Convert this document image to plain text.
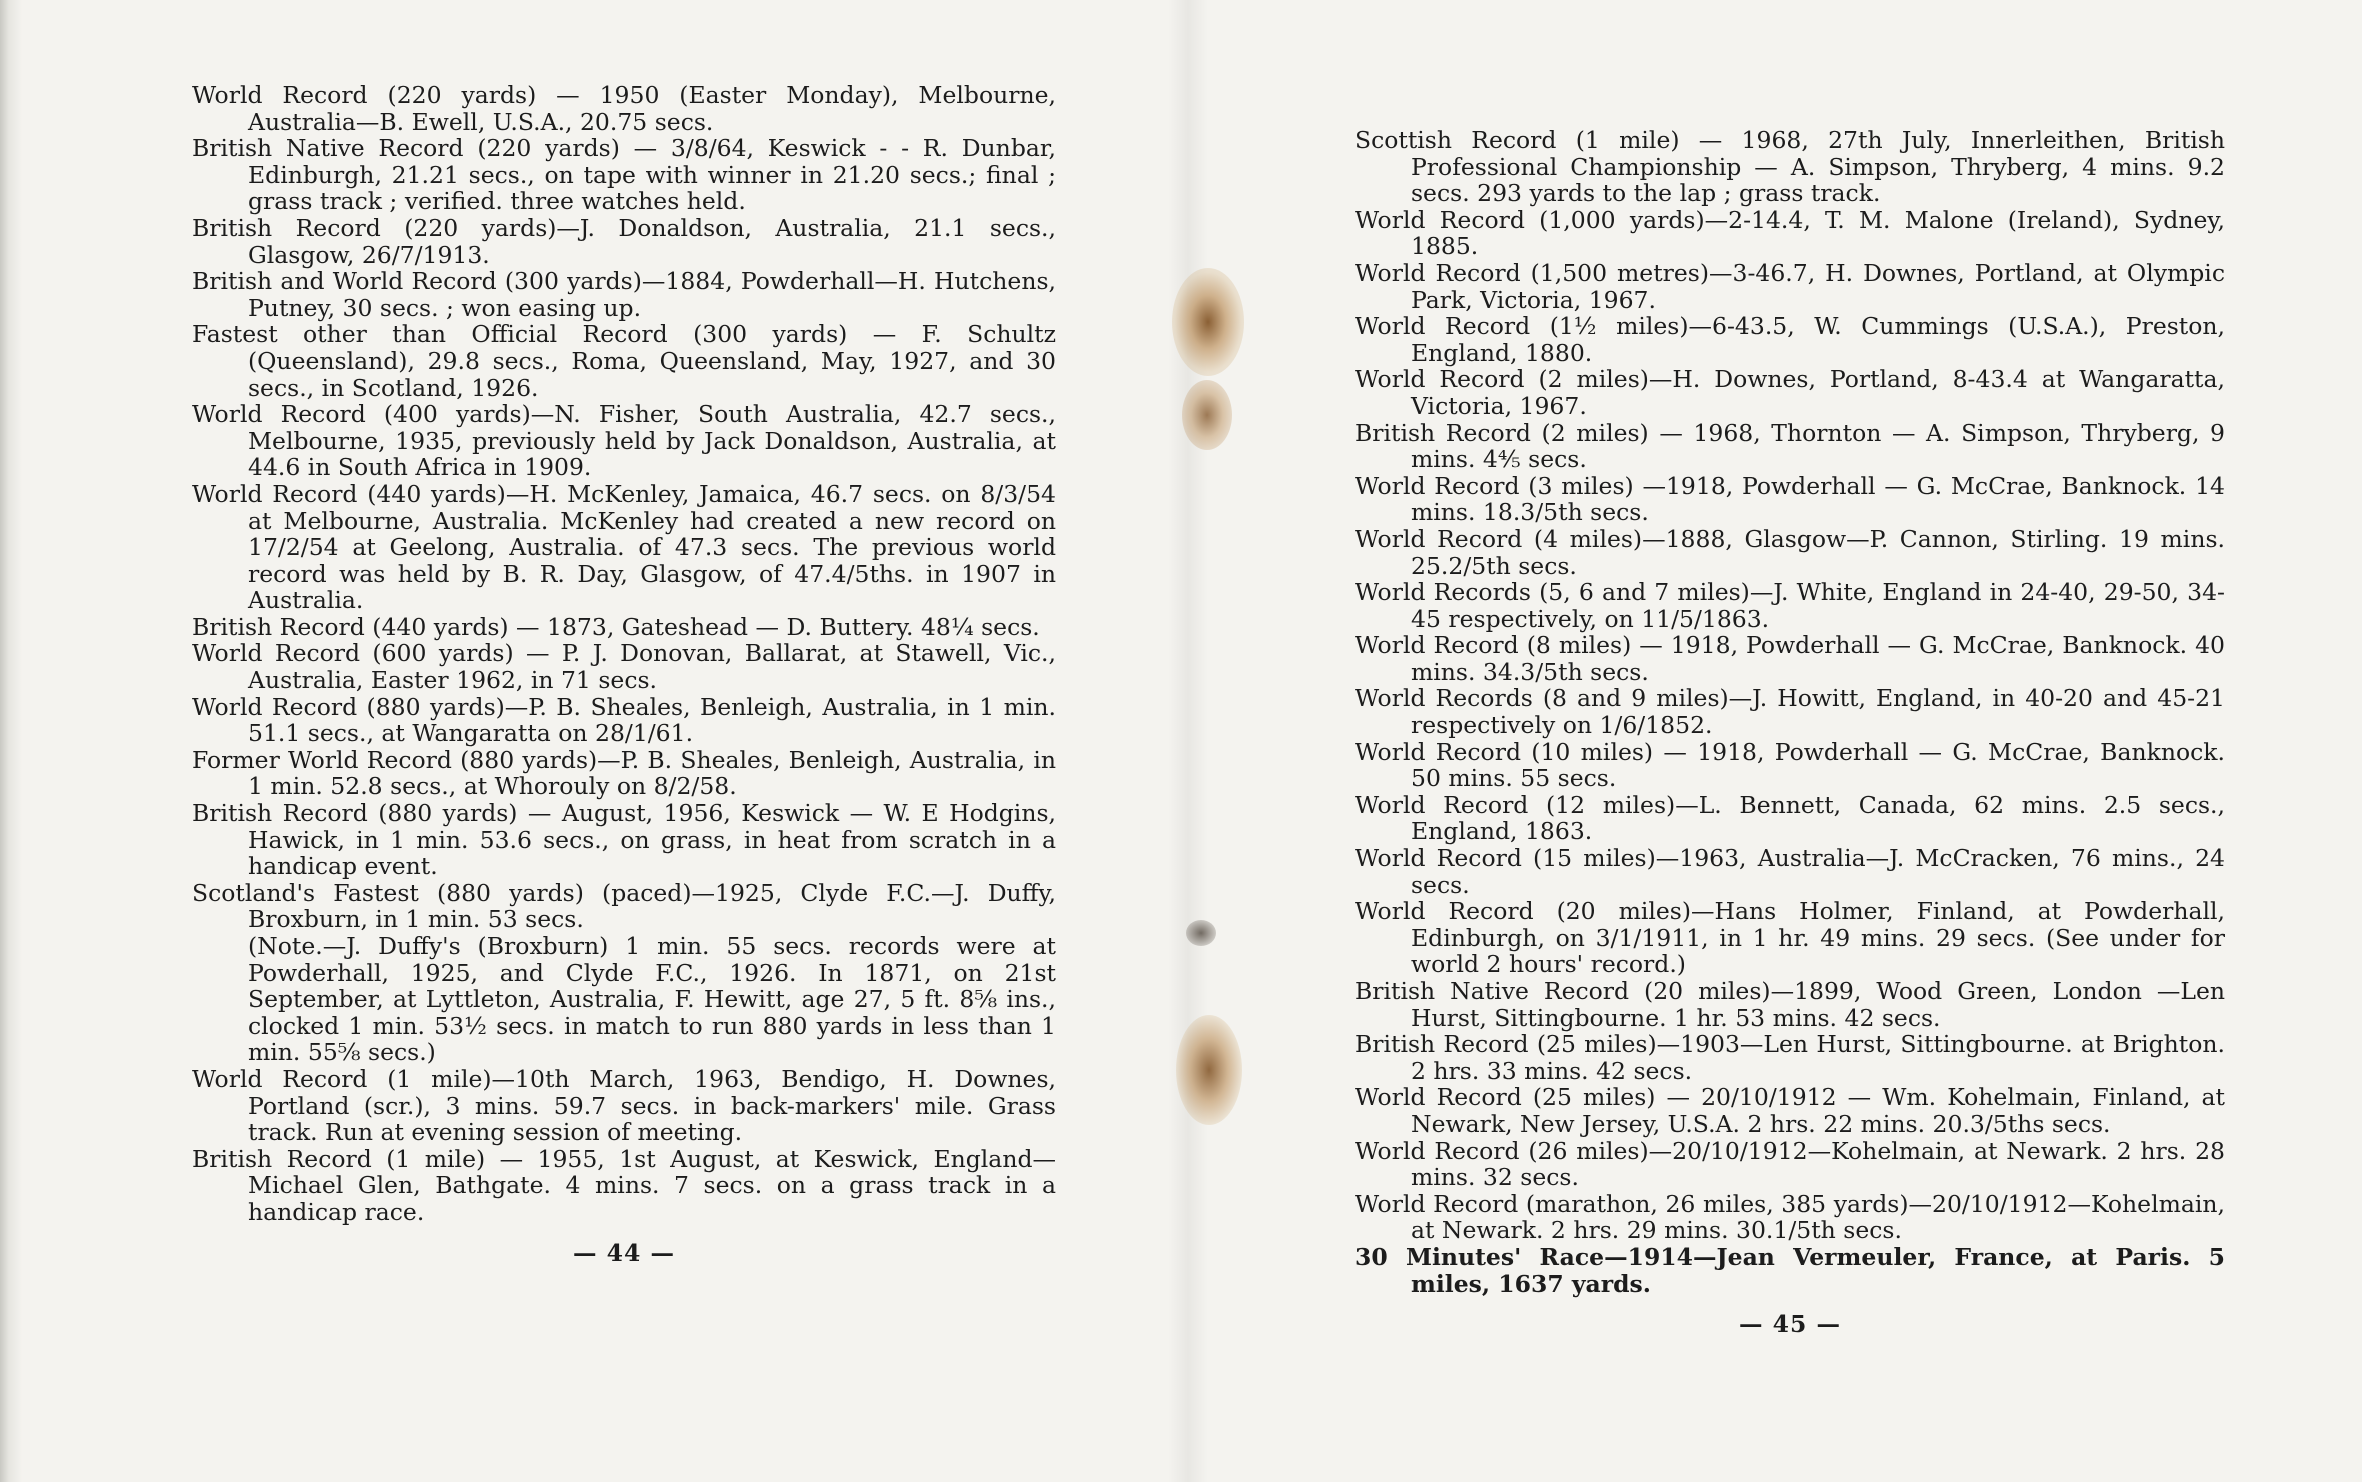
World Record (220 yards) — 1950 (Easter Monday), Melbourne, Australia—B. Ewell, U.S.A., 20.75 secs.

British Native Record (220 yards) — 3/8/64, Keswick - - R. Dunbar, Edinburgh, 21.21 secs., on tape with winner in 21.20 secs.; final ; grass track ; verified. three watches held.

British Record (220 yards)—J. Donaldson, Australia, 21.1 secs., Glasgow, 26/7/1913.

British and World Record (300 yards)—1884, Powderhall—H. Hutchens, Putney, 30 secs. ; won easing up.

Fastest other than Official Record (300 yards) — F. Schultz (Queensland), 29.8 secs., Roma, Queensland, May, 1927, and 30 secs., in Scotland, 1926.

World Record (400 yards)—N. Fisher, South Australia, 42.7 secs., Melbourne, 1935, previously held by Jack Donaldson, Australia, at 44.6 in South Africa in 1909.

World Record (440 yards)—H. McKenley, Jamaica, 46.7 secs. on 8/3/54 at Melbourne, Australia. McKenley had created a new record on 17/2/54 at Geelong, Australia. of 47.3 secs. The previous world record was held by B. R. Day, Glasgow, of 47.4/5ths. in 1907 in Australia.

British Record (440 yards) — 1873, Gateshead — D. Buttery. 48¼ secs.

World Record (600 yards) — P. J. Donovan, Ballarat, at Stawell, Vic., Australia, Easter 1962, in 71 secs.

World Record (880 yards)—P. B. Sheales, Benleigh, Australia, in 1 min. 51.1 secs., at Wangaratta on 28/1/61.

Former World Record (880 yards)—P. B. Sheales, Benleigh, Australia, in 1 min. 52.8 secs., at Whorouly on 8/2/58.

British Record (880 yards) — August, 1956, Keswick — W. E Hodgins, Hawick, in 1 min. 53.6 secs., on grass, in heat from scratch in a handicap event.

Scotland's Fastest (880 yards) (paced)—1925, Clyde F.C.—J. Duffy, Broxburn, in 1 min. 53 secs.

(Note.—J. Duffy's (Broxburn) 1 min. 55 secs. records were at Powderhall, 1925, and Clyde F.C., 1926. In 1871, on 21st September, at Lyttleton, Australia, F. Hewitt, age 27, 5 ft. 8⅝ ins., clocked 1 min. 53½ secs. in match to run 880 yards in less than 1 min. 55⅝ secs.)

World Record (1 mile)—10th March, 1963, Bendigo, H. Downes, Portland (scr.), 3 mins. 59.7 secs. in back-markers' mile. Grass track. Run at evening session of meeting.

British Record (1 mile) — 1955, 1st August, at Keswick, England—Michael Glen, Bathgate. 4 mins. 7 secs. on a grass track in a handicap race.

— 44 —

Scottish Record (1 mile) — 1968, 27th July, Innerleithen, British Professional Championship — A. Simpson, Thryberg, 4 mins. 9.2 secs. 293 yards to the lap ; grass track.

World Record (1,000 yards)—2-14.4, T. M. Malone (Ireland), Sydney, 1885.

World Record (1,500 metres)—3-46.7, H. Downes, Portland, at Olympic Park, Victoria, 1967.

World Record (1½ miles)—6-43.5, W. Cummings (U.S.A.), Preston, England, 1880.

World Record (2 miles)—H. Downes, Portland, 8-43.4 at Wangaratta, Victoria, 1967.

British Record (2 miles) — 1968, Thornton — A. Simpson, Thryberg, 9 mins. 4⅘ secs.

World Record (3 miles) —1918, Powderhall — G. McCrae, Banknock. 14 mins. 18.3/5th secs.

World Record (4 miles)—1888, Glasgow—P. Cannon, Stirling. 19 mins. 25.2/5th secs.

World Records (5, 6 and 7 miles)—J. White, England in 24-40, 29-50, 34-45 respectively, on 11/5/1863.

World Record (8 miles) — 1918, Powderhall — G. McCrae, Banknock. 40 mins. 34.3/5th secs.

World Records (8 and 9 miles)—J. Howitt, England, in 40-20 and 45-21 respectively on 1/6/1852.

World Record (10 miles) — 1918, Powderhall — G. McCrae, Banknock. 50 mins. 55 secs.

World Record (12 miles)—L. Bennett, Canada, 62 mins. 2.5 secs., England, 1863.

World Record (15 miles)—1963, Australia—J. McCracken, 76 mins., 24 secs.

World Record (20 miles)—Hans Holmer, Finland, at Powderhall, Edinburgh, on 3/1/1911, in 1 hr. 49 mins. 29 secs. (See under for world 2 hours' record.)

British Native Record (20 miles)—1899, Wood Green, London —Len Hurst, Sittingbourne. 1 hr. 53 mins. 42 secs.

British Record (25 miles)—1903—Len Hurst, Sittingbourne. at Brighton. 2 hrs. 33 mins. 42 secs.

World Record (25 miles) — 20/10/1912 — Wm. Kohelmain, Finland, at Newark, New Jersey, U.S.A. 2 hrs. 22 mins. 20.3/5ths secs.

World Record (26 miles)—20/10/1912—Kohelmain, at Newark. 2 hrs. 28 mins. 32 secs.

World Record (marathon, 26 miles, 385 yards)—20/10/1912—Kohelmain, at Newark. 2 hrs. 29 mins. 30.1/5th secs.

30 Minutes' Race—1914—Jean Vermeuler, France, at Paris. 5 miles, 1637 yards.

— 45 —
